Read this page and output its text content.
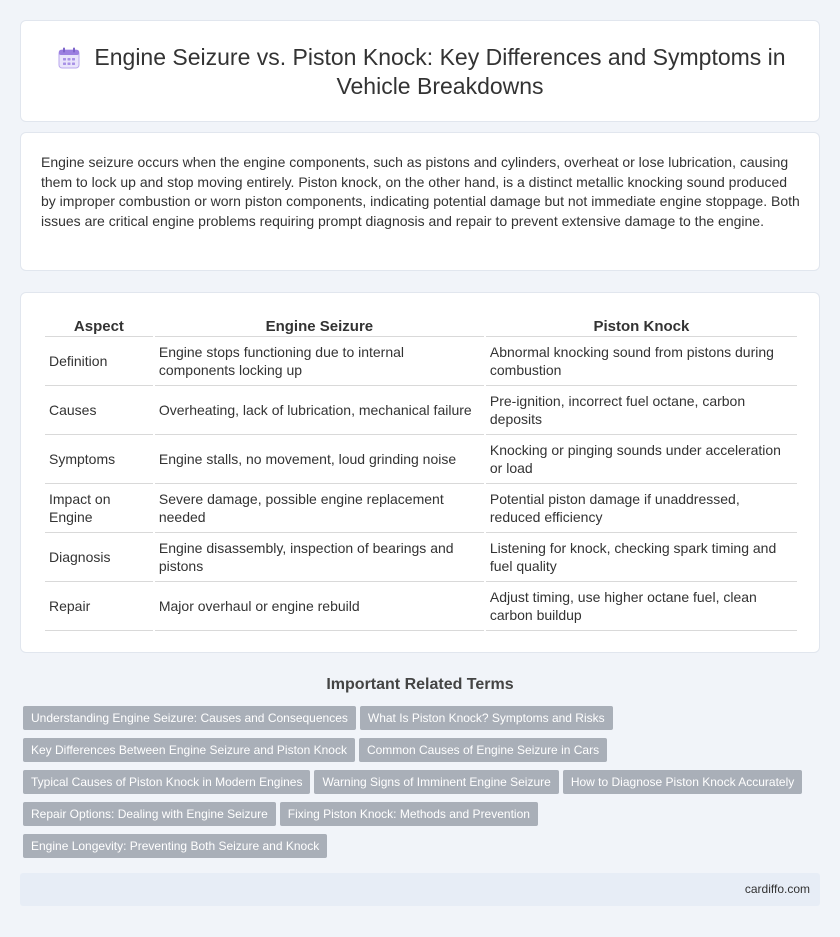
Engine Seizure vs. Piston Knock: Key Differences and Symptoms in Vehicle Breakdowns

Engine seizure occurs when the engine components, such as pistons and cylinders, overheat or lose lubrication, causing them to lock up and stop moving entirely. Piston knock, on the other hand, is a distinct metallic knocking sound produced by improper combustion or worn piston components, indicating potential damage but not immediate engine stoppage. Both issues are critical engine problems requiring prompt diagnosis and repair to prevent extensive damage to the engine.

Aspect	Engine Seizure	Piston Knock
Definition	Engine stops functioning due to internal components locking up	Abnormal knocking sound from pistons during combustion
Causes	Overheating, lack of lubrication, mechanical failure	Pre-ignition, incorrect fuel octane, carbon deposits
Symptoms	Engine stalls, no movement, loud grinding noise	Knocking or pinging sounds under acceleration or load
Impact on Engine	Severe damage, possible engine replacement needed	Potential piston damage if unaddressed, reduced efficiency
Diagnosis	Engine disassembly, inspection of bearings and pistons	Listening for knock, checking spark timing and fuel quality
Repair	Major overhaul or engine rebuild	Adjust timing, use higher octane fuel, clean carbon buildup
Important Related Terms
Understanding Engine Seizure: Causes and Consequences What Is Piston Knock? Symptoms and Risks
Key Differences Between Engine Seizure and Piston Knock Common Causes of Engine Seizure in Cars
Typical Causes of Piston Knock in Modern Engines Warning Signs of Imminent Engine Seizure How to Diagnose Piston Knock Accurately
Repair Options: Dealing with Engine Seizure Fixing Piston Knock: Methods and Prevention
Engine Longevity: Preventing Both Seizure and Knock
cardiffo.com
